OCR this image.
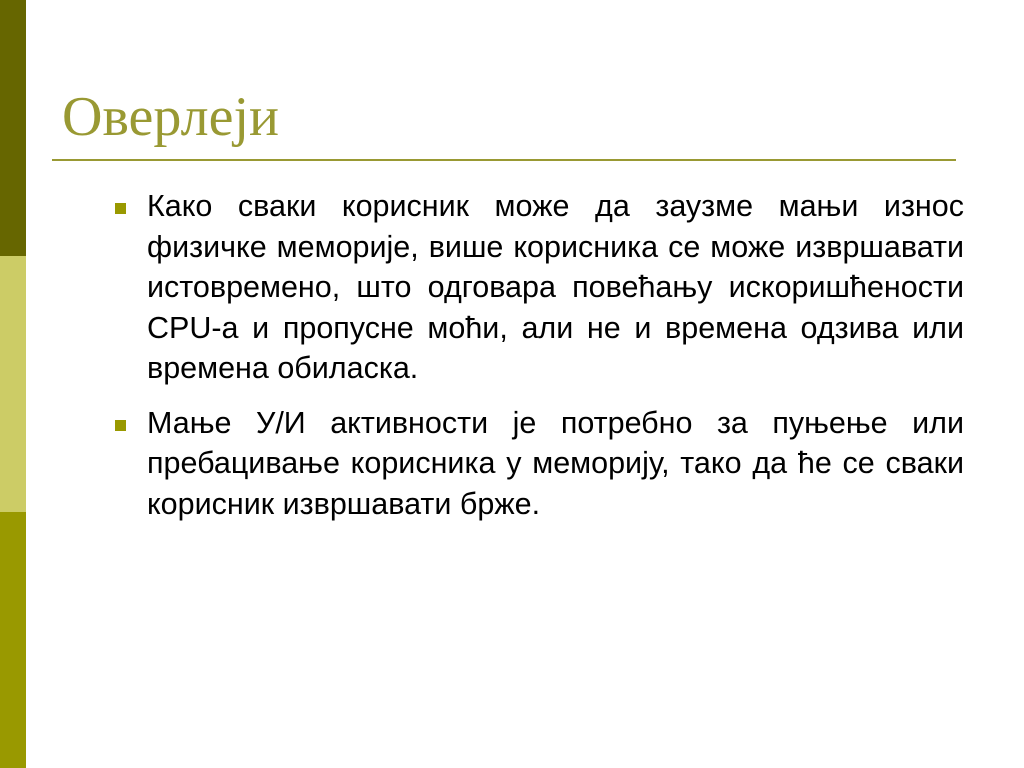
Оверлеји
Како сваки корисник може да заузме мањи износ физичке меморије, више корисника се може извршавати истовремено, што одговара повећању искоришћености CPU-а и пропусне моћи, али не и времена одзива или времена обиласка.
Мање У/И активности је потребно за пуњење или пребацивање корисника у меморију, тако да ће се сваки корисник извршавати брже.
